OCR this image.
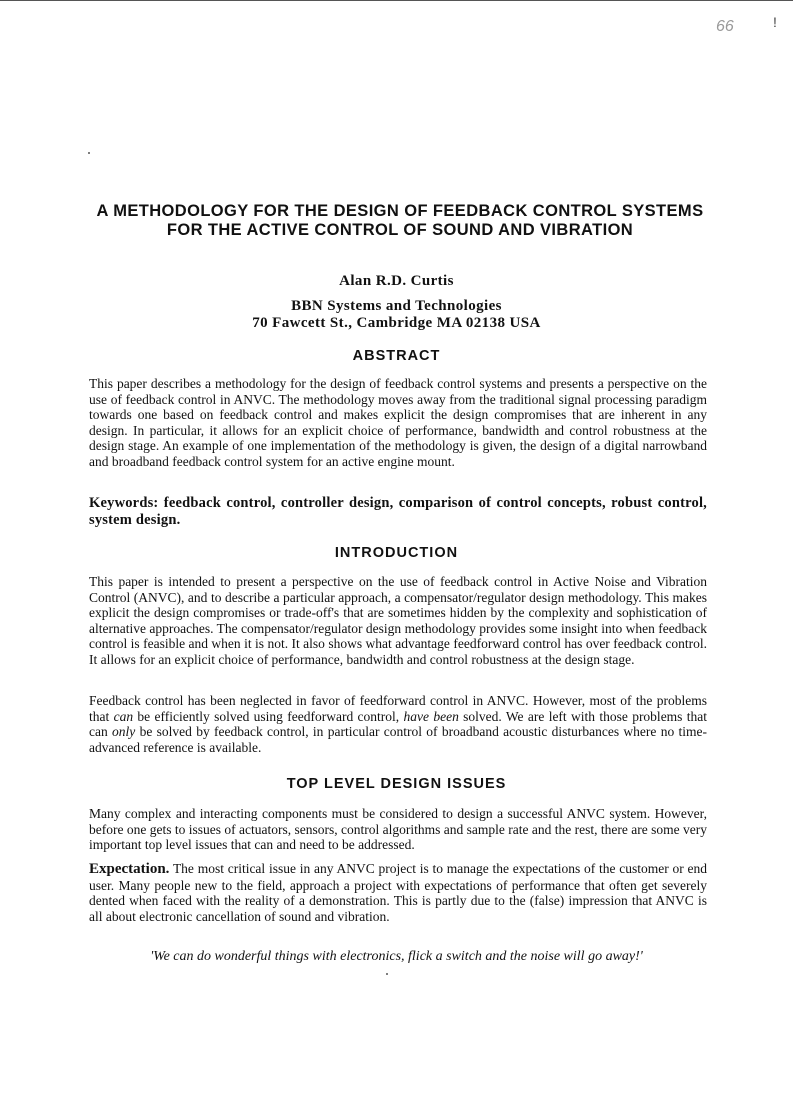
66	!

A METHODOLOGY FOR THE DESIGN OF FEEDBACK CONTROL SYSTEMS FOR THE ACTIVE CONTROL OF SOUND AND VIBRATION

Alan R.D. Curtis

BBN Systems and Technologies

70 Fawcett St., Cambridge MA 02138 USA

ABSTRACT

This paper describes a methodology for the design of feedback control systems and presents a perspective on the use of feedback control in ANVC. The methodology moves away from the traditional signal processing paradigm towards one based on feedback control and makes explicit the design compromises that are inherent in any design. In particular, it allows for an explicit choice of performance, bandwidth and control robustness at the design stage. An example of one implementation of the methodology is given, the design of a digital narrowband and broadband feedback control system for an active engine mount.

Keywords: feedback control, controller design, comparison of control concepts, robust control, system design.

INTRODUCTION

This paper is intended to present a perspective on the use of feedback control in Active Noise and Vibration Control (ANVC), and to describe a particular approach, a compensator/regulator design methodology. This makes explicit the design compromises or trade-off's that are sometimes hidden by the complexity and sophistication of alternative approaches. The compensator/regulator design methodology provides some insight into when feedback control is feasible and when it is not. It also shows what advantage feedforward control has over feedback control. It allows for an explicit choice of performance, bandwidth and control robustness at the design stage.

Feedback control has been neglected in favor of feedforward control in ANVC. However, most of the problems that can be efficiently solved using feedforward control, have been solved. We are left with those problems that can only be solved by feedback control, in particular control of broadband acoustic disturbances where no time-advanced reference is available.

TOP LEVEL DESIGN ISSUES

Many complex and interacting components must be considered to design a successful ANVC system. However, before one gets to issues of actuators, sensors, control algorithms and sample rate and the rest, there are some very important top level issues that can and need to be addressed.

Expectation. The most critical issue in any ANVC project is to manage the expectations of the customer or end user. Many people new to the field, approach a project with expectations of performance that often get severely dented when faced with the reality of a demonstration. This is partly due to the (false) impression that ANVC is all about electronic cancellation of sound and vibration.

'We can do wonderful things with electronics, flick a switch and the noise will go away!'
